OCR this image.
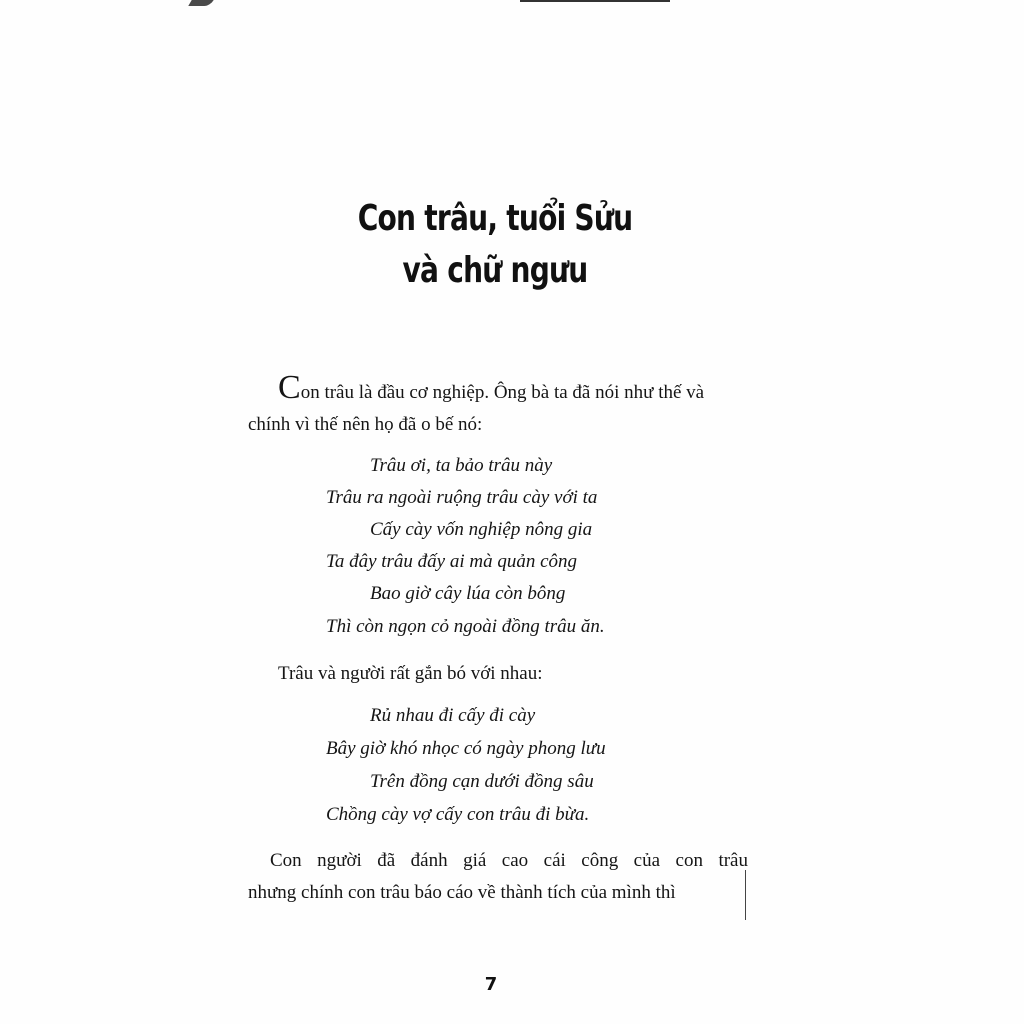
Con trâu, tuổi Sửu
và chữ ngưu

Con trâu là đầu cơ nghiệp. Ông bà ta đã nói như thế và chính vì thế nên họ đã o bế nó:

Trâu ơi, ta bảo trâu này
Trâu ra ngoài ruộng trâu cày với ta
Cấy cày vốn nghiệp nông gia
Ta đây trâu đấy ai mà quản công
Bao giờ cây lúa còn bông
Thì còn ngọn cỏ ngoài đồng trâu ăn.

Trâu và người rất gắn bó với nhau:

Rủ nhau đi cấy đi cày
Bây giờ khó nhọc có ngày phong lưu
Trên đồng cạn dưới đồng sâu
Chồng cày vợ cấy con trâu đi bừa.

Con người đã đánh giá cao cái công của con trâu
nhưng chính con trâu báo cáo về thành tích của mình thì

7
